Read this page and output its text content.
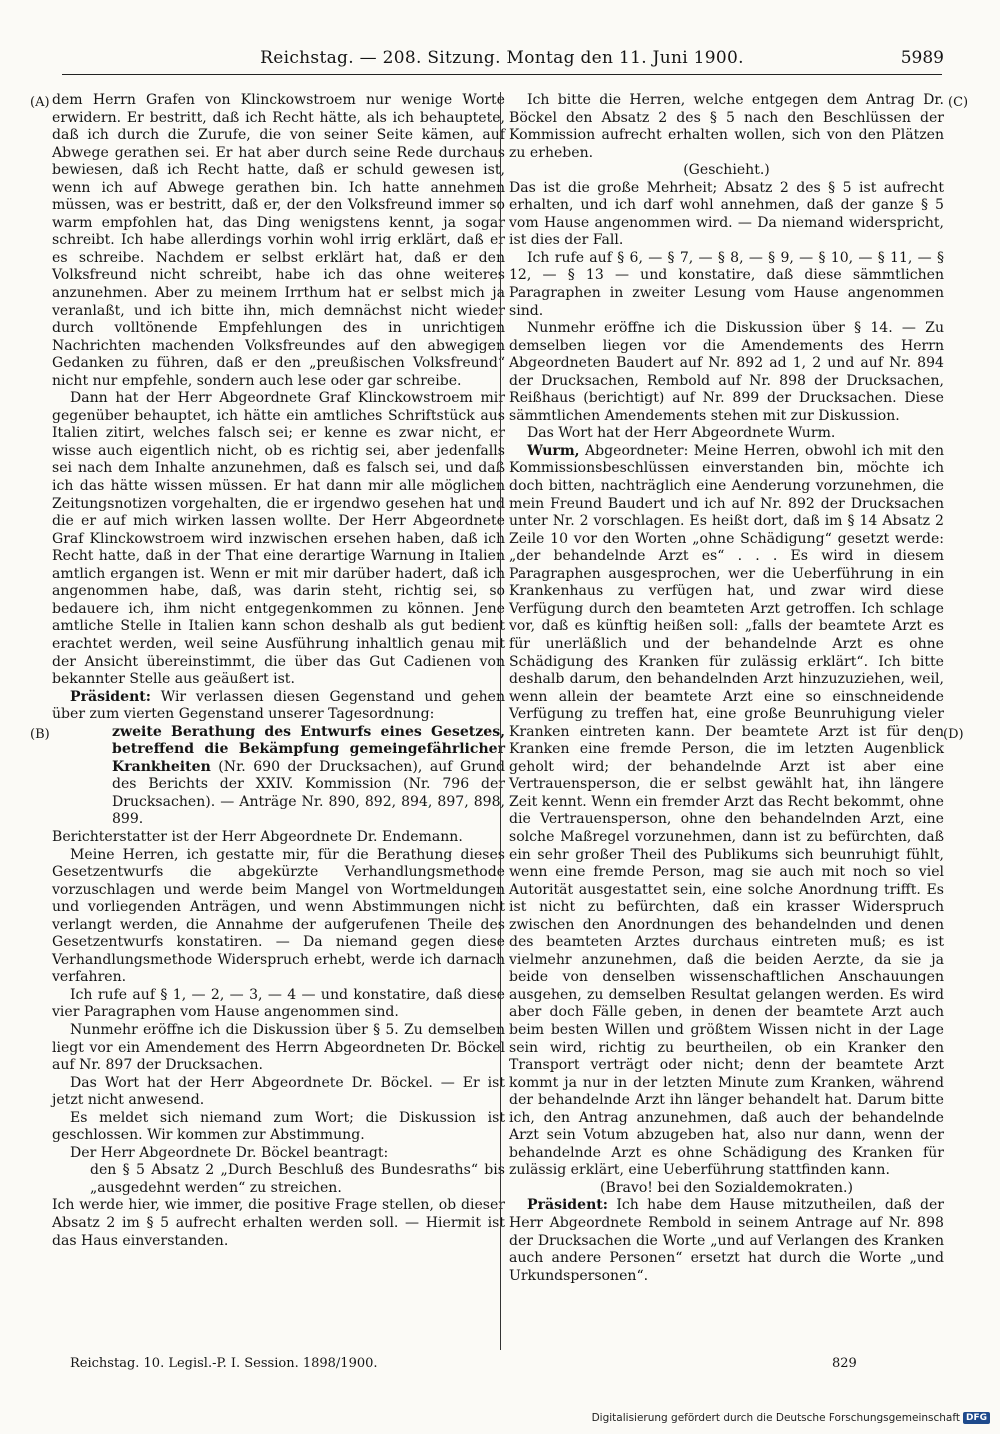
Reichstag. — 208. Sitzung. Montag den 11. Juni 1900.	5989
(A)
(B)
(C)
(D)

dem Herrn Grafen von Klinckowstroem nur wenige Worte erwidern. Er bestritt, daß ich Recht hätte, als ich behauptete, daß ich durch die Zurufe, die von seiner Seite kämen, auf Abwege gerathen sei. Er hat aber durch seine Rede durchaus bewiesen, daß ich Recht hatte, daß er schuld gewesen ist, wenn ich auf Abwege gerathen bin. Ich hatte annehmen müssen, was er bestritt, daß er, der den Volksfreund immer so warm empfohlen hat, das Ding wenigstens kennt, ja sogar schreibt. Ich habe allerdings vorhin wohl irrig erklärt, daß er es schreibe. Nachdem er selbst erklärt hat, daß er den Volksfreund nicht schreibt, habe ich das ohne weiteres anzunehmen. Aber zu meinem Irrthum hat er selbst mich ja veranlaßt, und ich bitte ihn, mich demnächst nicht wieder durch volltönende Empfehlungen des in unrichtigen Nachrichten machenden Volksfreundes auf den abwegigen Gedanken zu führen, daß er den „preußischen Volksfreund“ nicht nur empfehle, sondern auch lese oder gar schreibe.

Dann hat der Herr Abgeordnete Graf Klinckowstroem mir gegenüber behauptet, ich hätte ein amtliches Schriftstück aus Italien zitirt, welches falsch sei; er kenne es zwar nicht, er wisse auch eigentlich nicht, ob es richtig sei, aber jedenfalls sei nach dem Inhalte anzunehmen, daß es falsch sei, und daß ich das hätte wissen müssen. Er hat dann mir alle möglichen Zeitungsnotizen vorgehalten, die er irgendwo gesehen hat und die er auf mich wirken lassen wollte. Der Herr Abgeordnete Graf Klinckowstroem wird inzwischen ersehen haben, daß ich Recht hatte, daß in der That eine derartige Warnung in Italien amtlich ergangen ist. Wenn er mit mir darüber hadert, daß ich angenommen habe, daß, was darin steht, richtig sei, so bedauere ich, ihm nicht entgegenkommen zu können. Jene amtliche Stelle in Italien kann schon deshalb als gut bedient erachtet werden, weil seine Ausführung inhaltlich genau mit der Ansicht übereinstimmt, die über das Gut Cadienen von bekannter Stelle aus geäußert ist.

Präsident: Wir verlassen diesen Gegenstand und gehen über zum vierten Gegenstand unserer Tagesordnung:

zweite Berathung des Entwurfs eines Gesetzes, betreffend die Bekämpfung gemeingefährlicher Krankheiten (Nr. 690 der Drucksachen), auf Grund des Berichts der XXIV. Kommission (Nr. 796 der Drucksachen). — Anträge Nr. 890, 892, 894, 897, 898, 899.

Berichterstatter ist der Herr Abgeordnete Dr. Endemann.

Meine Herren, ich gestatte mir, für die Berathung dieses Gesetzentwurfs die abgekürzte Verhandlungsmethode vorzuschlagen und werde beim Mangel von Wortmeldungen und vorliegenden Anträgen, und wenn Abstimmungen nicht verlangt werden, die Annahme der aufgerufenen Theile des Gesetzentwurfs konstatiren. — Da niemand gegen diese Verhandlungsmethode Widerspruch erhebt, werde ich darnach verfahren.

Ich rufe auf § 1, — 2, — 3, — 4 — und konstatire, daß diese vier Paragraphen vom Hause angenommen sind.

Nunmehr eröffne ich die Diskussion über § 5. Zu demselben liegt vor ein Amendement des Herrn Abgeordneten Dr. Böckel auf Nr. 897 der Drucksachen.

Das Wort hat der Herr Abgeordnete Dr. Böckel. — Er ist jetzt nicht anwesend.

Es meldet sich niemand zum Wort; die Diskussion ist geschlossen. Wir kommen zur Abstimmung.

Der Herr Abgeordnete Dr. Böckel beantragt:

den § 5 Absatz 2 „Durch Beschluß des Bundesraths“ bis „ausgedehnt werden“ zu streichen.

Ich werde hier, wie immer, die positive Frage stellen, ob dieser Absatz 2 im § 5 aufrecht erhalten werden soll. — Hiermit ist das Haus einverstanden.

Ich bitte die Herren, welche entgegen dem Antrag Dr. Böckel den Absatz 2 des § 5 nach den Beschlüssen der Kommission aufrecht erhalten wollen, sich von den Plätzen zu erheben.

(Geschieht.)

Das ist die große Mehrheit; Absatz 2 des § 5 ist aufrecht erhalten, und ich darf wohl annehmen, daß der ganze § 5 vom Hause angenommen wird. — Da niemand widerspricht, ist dies der Fall.

Ich rufe auf § 6, — § 7, — § 8, — § 9, — § 10, — § 11, — § 12, — § 13 — und konstatire, daß diese sämmtlichen Paragraphen in zweiter Lesung vom Hause angenommen sind.

Nunmehr eröffne ich die Diskussion über § 14. — Zu demselben liegen vor die Amendements des Herrn Abgeordneten Baudert auf Nr. 892 ad 1, 2 und auf Nr. 894 der Drucksachen, Rembold auf Nr. 898 der Drucksachen, Reißhaus (berichtigt) auf Nr. 899 der Drucksachen. Diese sämmtlichen Amendements stehen mit zur Diskussion.

Das Wort hat der Herr Abgeordnete Wurm.

Wurm, Abgeordneter: Meine Herren, obwohl ich mit den Kommissionsbeschlüssen einverstanden bin, möchte ich doch bitten, nachträglich eine Aenderung vorzunehmen, die mein Freund Baudert und ich auf Nr. 892 der Drucksachen unter Nr. 2 vorschlagen. Es heißt dort, daß im § 14 Absatz 2 Zeile 10 vor den Worten „ohne Schädigung“ gesetzt werde: „der behandelnde Arzt es“ . . . Es wird in diesem Paragraphen ausgesprochen, wer die Ueberführung in ein Krankenhaus zu verfügen hat, und zwar wird diese Verfügung durch den beamteten Arzt getroffen. Ich schlage vor, daß es künftig heißen soll: „falls der beamtete Arzt es für unerläßlich und der behandelnde Arzt es ohne Schädigung des Kranken für zulässig erklärt“. Ich bitte deshalb darum, den behandelnden Arzt hinzuzuziehen, weil, wenn allein der beamtete Arzt eine so einschneidende Verfügung zu treffen hat, eine große Beunruhigung vieler Kranken eintreten kann. Der beamtete Arzt ist für den Kranken eine fremde Person, die im letzten Augenblick geholt wird; der behandelnde Arzt ist aber eine Vertrauensperson, die er selbst gewählt hat, ihn längere Zeit kennt. Wenn ein fremder Arzt das Recht bekommt, ohne die Vertrauensperson, ohne den behandelnden Arzt, eine solche Maßregel vorzunehmen, dann ist zu befürchten, daß ein sehr großer Theil des Publikums sich beunruhigt fühlt, wenn eine fremde Person, mag sie auch mit noch so viel Autorität ausgestattet sein, eine solche Anordnung trifft. Es ist nicht zu befürchten, daß ein krasser Widerspruch zwischen den Anordnungen des behandelnden und denen des beamteten Arztes durchaus eintreten muß; es ist vielmehr anzunehmen, daß die beiden Aerzte, da sie ja beide von denselben wissenschaftlichen Anschauungen ausgehen, zu demselben Resultat gelangen werden. Es wird aber doch Fälle geben, in denen der beamtete Arzt auch beim besten Willen und größtem Wissen nicht in der Lage sein wird, richtig zu beurtheilen, ob ein Kranker den Transport verträgt oder nicht; denn der beamtete Arzt kommt ja nur in der letzten Minute zum Kranken, während der behandelnde Arzt ihn länger behandelt hat. Darum bitte ich, den Antrag anzunehmen, daß auch der behandelnde Arzt sein Votum abzugeben hat, also nur dann, wenn der behandelnde Arzt es ohne Schädigung des Kranken für zulässig erklärt, eine Ueberführung stattfinden kann.

(Bravo! bei den Sozialdemokraten.)

Präsident: Ich habe dem Hause mitzutheilen, daß der Herr Abgeordnete Rembold in seinem Antrage auf Nr. 898 der Drucksachen die Worte „und auf Verlangen des Kranken auch andere Personen“ ersetzt hat durch die Worte „und Urkundspersonen“.

Reichstag. 10. Legisl.-P. I. Session. 1898/1900.	829
Digitalisierung gefördert durch die Deutsche Forschungsgemeinschaft DFG
